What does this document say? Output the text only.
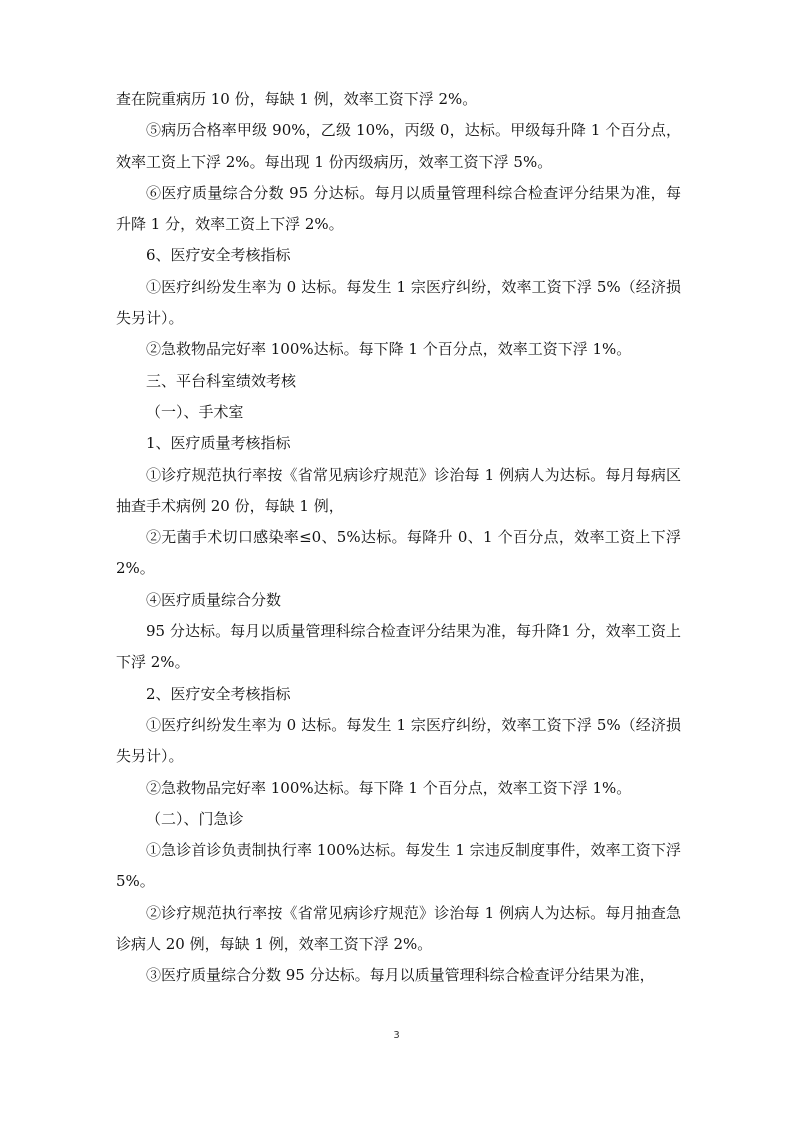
查在院重病历 10 份，每缺 1 例，效率工资下浮 2%。

⑤病历合格率甲级 90%，乙级 10%，丙级 0，达标。甲级每升降 1 个百分点，效率工资上下浮 2%。每出现 1 份丙级病历，效率工资下浮 5%。

⑥医疗质量综合分数 95 分达标。每月以质量管理科综合检查评分结果为准，每升降 1 分，效率工资上下浮 2%。

6、医疗安全考核指标

①医疗纠纷发生率为 0 达标。每发生 1 宗医疗纠纷，效率工资下浮 5%（经济损失另计）。

②急救物品完好率 100%达标。每下降 1 个百分点，效率工资下浮 1%。

三、平台科室绩效考核

（一）、手术室

1、医疗质量考核指标

①诊疗规范执行率按《省常见病诊疗规范》诊治每 1 例病人为达标。每月每病区抽查手术病例 20 份，每缺 1 例，

②无菌手术切口感染率≤0、5%达标。每降升 0、1 个百分点，效率工资上下浮 2%。

④医疗质量综合分数

95 分达标。每月以质量管理科综合检查评分结果为准，每升降1 分，效率工资上下浮 2%。

2、医疗安全考核指标

①医疗纠纷发生率为 0 达标。每发生 1 宗医疗纠纷，效率工资下浮 5%（经济损失另计）。

②急救物品完好率 100%达标。每下降 1 个百分点，效率工资下浮 1%。

（二）、门急诊

①急诊首诊负责制执行率 100%达标。每发生 1 宗违反制度事件，效率工资下浮 5%。

②诊疗规范执行率按《省常见病诊疗规范》诊治每 1 例病人为达标。每月抽查急诊病人 20 例，每缺 1 例，效率工资下浮 2%。

③医疗质量综合分数 95 分达标。每月以质量管理科综合检查评分结果为准，

3
